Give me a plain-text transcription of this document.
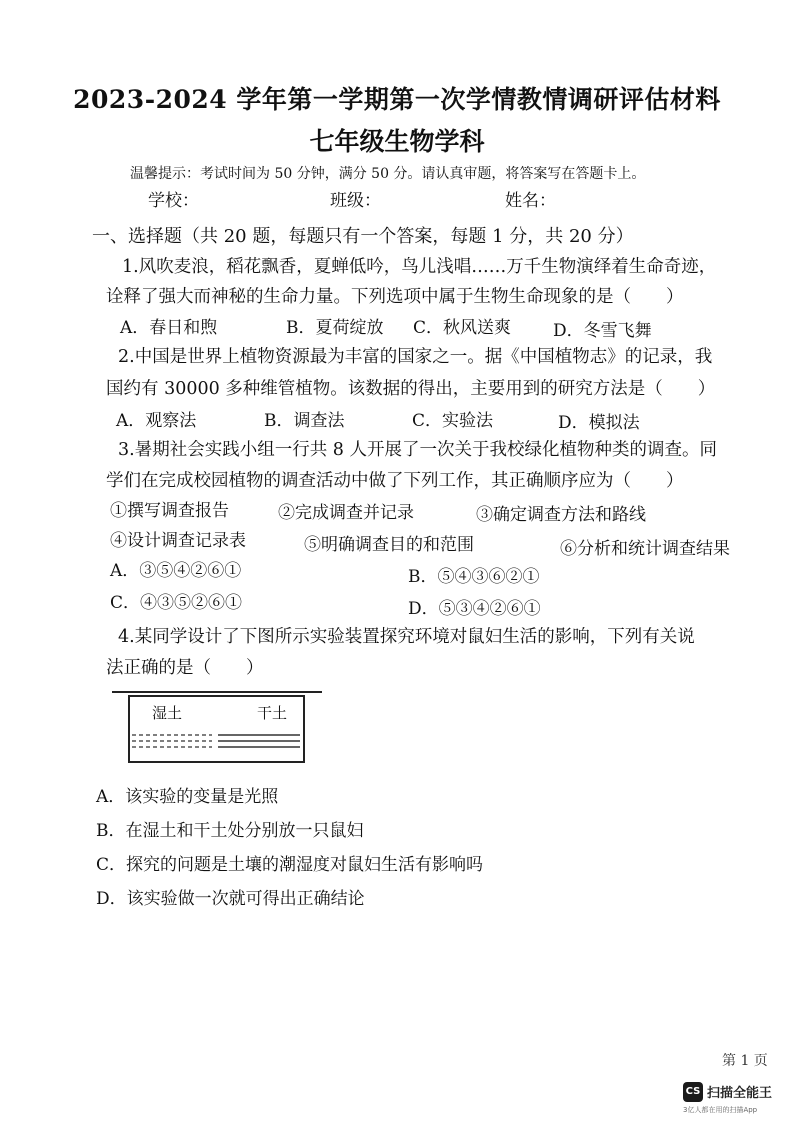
2023-2024 学年第一学期第一次学情教情调研评估材料
七年级生物学科
温馨提示：考试时间为 50 分钟，满分 50 分。请认真审题，将答案写在答题卡上。
学校：	班级：	姓名：
一、选择题（共 20 题，每题只有一个答案，每题 1 分，共 20 分）
1.风吹麦浪，稻花飘香，夏蝉低吟，鸟儿浅唱……万千生物演绎着生命奇迹，
诠释了强大而神秘的生命力量。下列选项中属于生物生命现象的是（　　）
A．春日和煦	B．夏荷绽放 C．秋风送爽 D．冬雪飞舞
2.中国是世界上植物资源最为丰富的国家之一。据《中国植物志》的记录，我
国约有 30000 多种维管植物。该数据的得出，主要用到的研究方法是（　　）
A．观察法	B．调查法	C．实验法	D．模拟法
3.暑期社会实践小组一行共 8 人开展了一次关于我校绿化植物种类的调查。同
学们在完成校园植物的调查活动中做了下列工作，其正确顺序应为（　　）
①撰写调查报告	②完成调查并记录	③确定调查方法和路线
④设计调查记录表	⑤明确调查目的和范围	⑥分析和统计调查结果
A．③⑤④②⑥①	B．⑤④③⑥②①
C．④③⑤②⑥①	D．⑤③④②⑥①
4.某同学设计了下图所示实验装置探究环境对鼠妇生活的影响，下列有关说
法正确的是（　　）
湿土	干土
A．该实验的变量是光照
B．在湿土和干土处分别放一只鼠妇
C．探究的问题是土壤的潮湿度对鼠妇生活有影响吗
D．该实验做一次就可得出正确结论
第 1 页
CS 扫描全能王
3亿人都在用的扫描App
